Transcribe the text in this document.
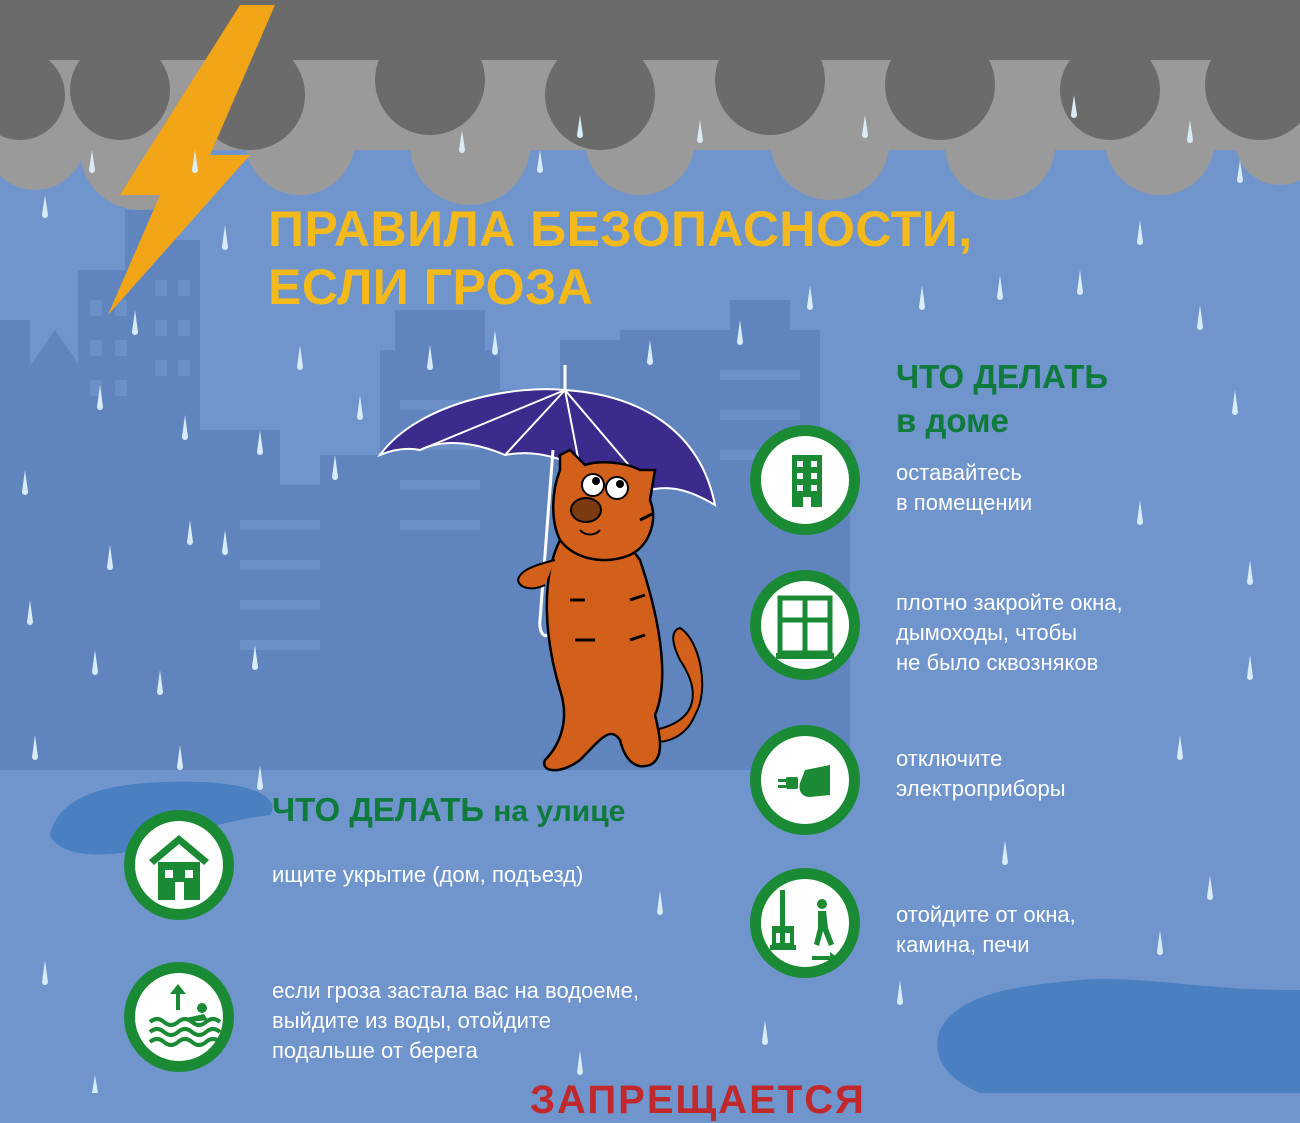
ПРАВИЛА БЕЗОПАСНОСТИ,
ЕСЛИ ГРОЗА
ЧТО ДЕЛАТЬ
в доме
оставайтесь
в помещении
плотно закройте окна,
дымоходы, чтобы
не было сквозняков
отключите
электроприборы
отойдите от окна,
камина, печи
ЧТО ДЕЛАТЬ на улице
ищите укрытие (дом, подъезд)
если гроза застала вас на водоеме,
выйдите из воды, отойдите
подальше от берега
ЗАПРЕЩАЕТСЯ
